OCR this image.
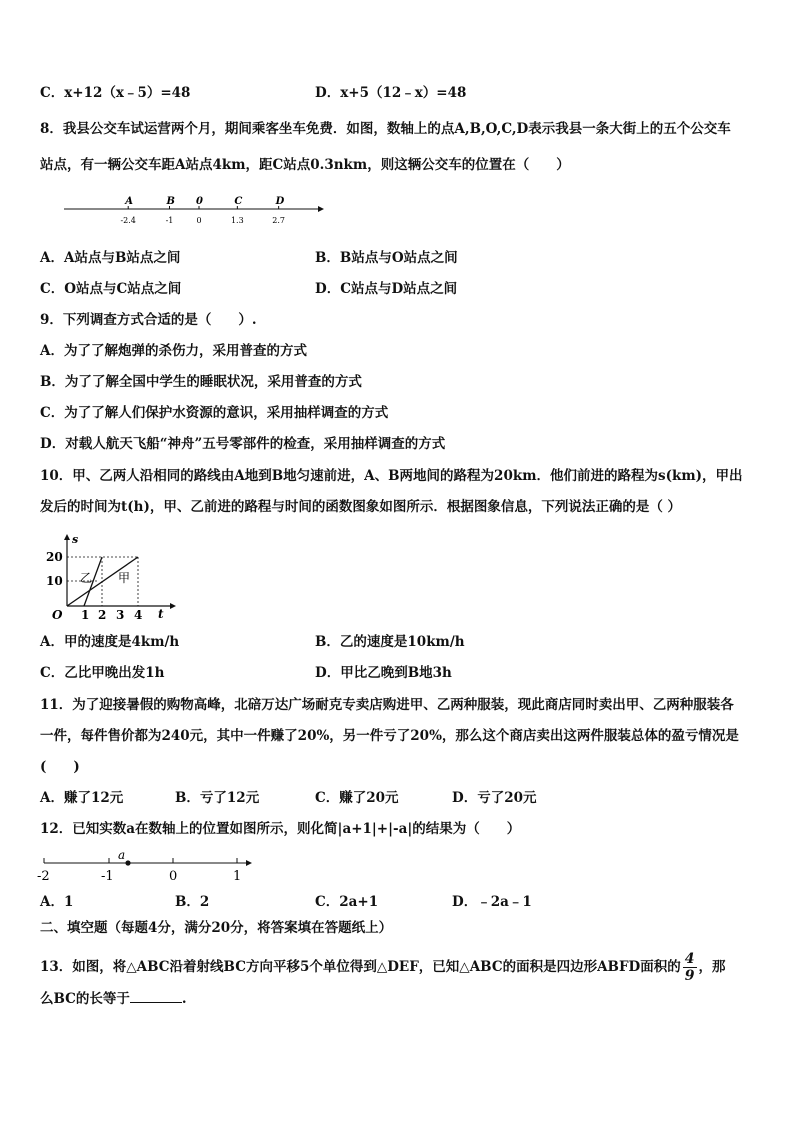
C．x+12（x﹣5）=48	D．x+5（12﹣x）=48
8．我县公交车试运营两个月，期间乘客坐车免费．如图，数轴上的点A,B,O,C,D表示我县一条大街上的五个公交车
站点，有一辆公交车距A站点4km，距C站点0.3nkm，则这辆公交车的位置在（　　）
A
-2.4
B
-1
0
0
C
1.3
D
2.7
A．A站点与B站点之间	B．B站点与O站点之间
C．O站点与C站点之间	D．C站点与D站点之间
9．下列调查方式合适的是（　　）.
A．为了了解炮弹的杀伤力，采用普查的方式
B．为了了解全国中学生的睡眠状况，采用普查的方式
C．为了了解人们保护水资源的意识，采用抽样调查的方式
D．对载人航天飞船“神舟”五号零部件的检查，采用抽样调查的方式
10．甲、乙两人沿相同的路线由A地到B地匀速前进，A、B两地间的路程为20km．他们前进的路程为s(km)，甲出
发后的时间为t(h)，甲、乙前进的路程与时间的函数图象如图所示．根据图象信息，下列说法正确的是（ ）
s
t
O
20
10
1 2 3 4
乙 甲
A．甲的速度是4km/h	B．乙的速度是10km/h
C．乙比甲晚出发1h	D．甲比乙晚到B地3h
11．为了迎接暑假的购物高峰，北碚万达广场耐克专卖店购进甲、乙两种服装，现此商店同时卖出甲、乙两种服装各
一件，每件售价都为240元，其中一件赚了20%，另一件亏了20%，那么这个商店卖出这两件服装总体的盈亏情况是
(　　)
A．赚了12元	B．亏了12元	C．赚了20元	D．亏了20元
12．已知实数a在数轴上的位置如图所示，则化简|a+1|+|-a|的结果为（　　）
a
-2	-1	0	1
A．1	B．2	C．2a+1	D．﹣2a﹣1
二、填空题（每题4分，满分20分，将答案填在答题纸上）
13．如图，将△ABC沿着射线BC方向平移5个单位得到△DEF，已知△ABC的面积是四边形ABFD面积的 $\frac{4}{9}$ ，那
么BC的长等于	.
